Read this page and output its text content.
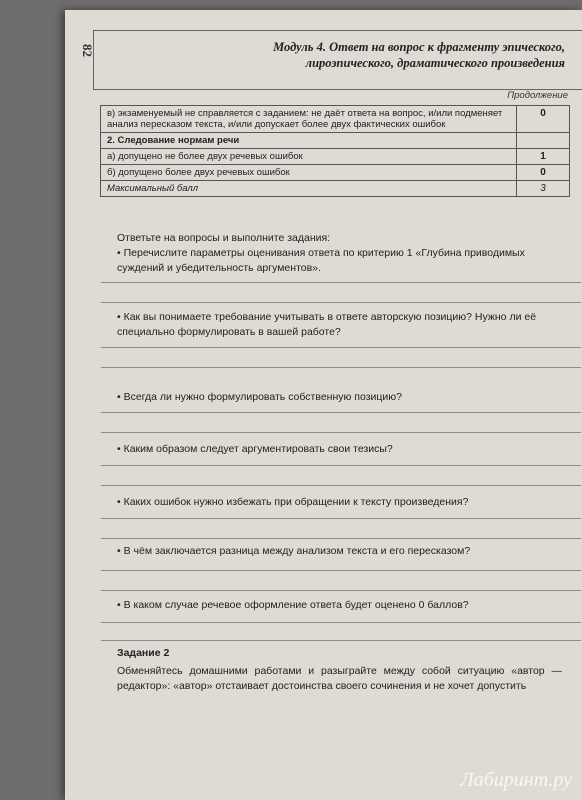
82	Модуль 4. Ответ на вопрос к фрагменту эпического, лироэпического, драматического произведения
Продолжение
в) экзаменуемый не справляется с заданием: не даёт ответа на вопрос, и/или подменяет анализ пересказом текста, и/или допускает более двух фактических ошибок	0
2. Следование нормам речи	
а) допущено не более двух речевых ошибок	1
б) допущено более двух речевых ошибок	0
Максимальный балл	3
Ответьте на вопросы и выполните задания:
• Перечислите параметры оценивания ответа по критерию 1 «Глубина приводимых суждений и убедительность аргументов».
• Как вы понимаете требование учитывать в ответе авторскую позицию? Нужно ли её специально формулировать в вашей работе?
• Всегда ли нужно формулировать собственную позицию?
• Каким образом следует аргументировать свои тезисы?
• Каких ошибок нужно избежать при обращении к тексту произведения?
• В чём заключается разница между анализом текста и его пересказом?
• В каком случае речевое оформление ответа будет оценено 0 баллов?
Задание 2
Обменяйтесь домашними работами и разыграйте между собой ситуацию «автор — редактор»: «автор» отстаивает достоинства своего сочинения и не хочет допустить
Лабиринт.ру
